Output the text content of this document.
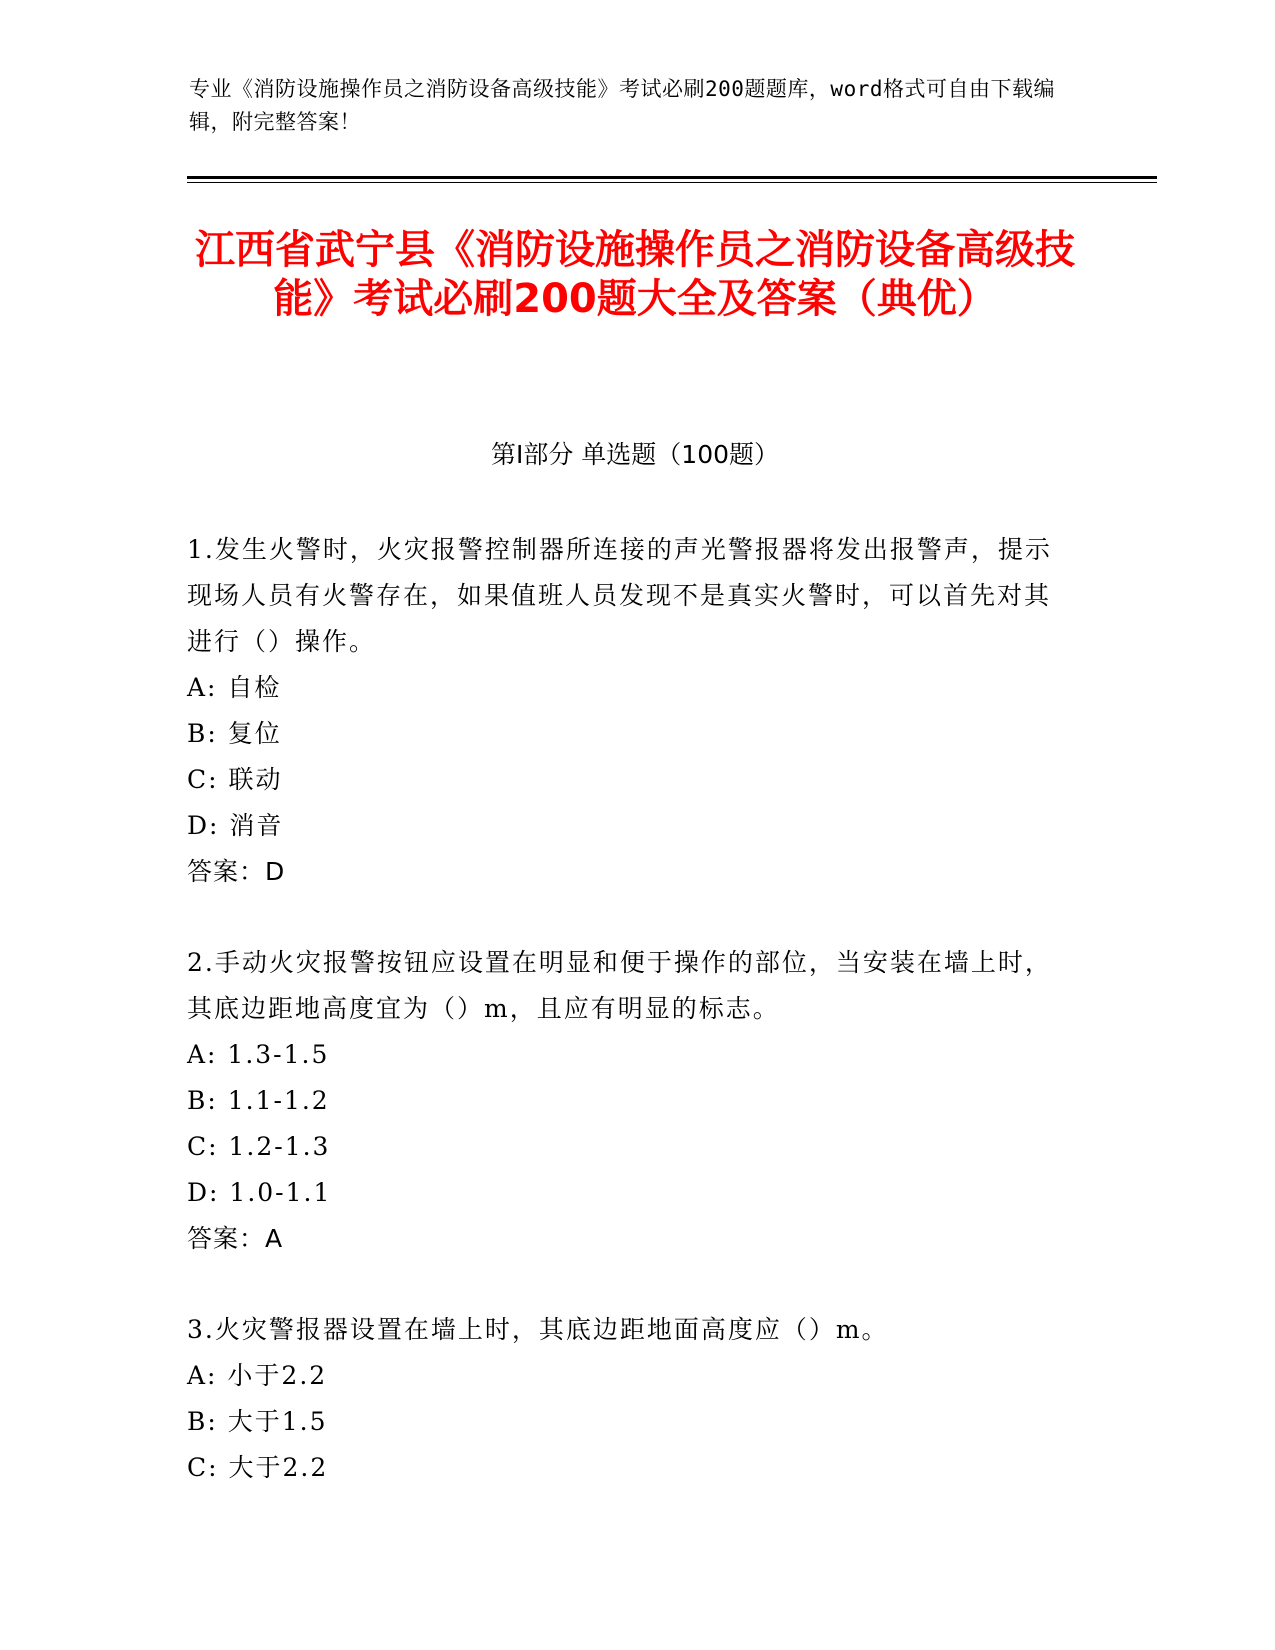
专业《消防设施操作员之消防设备高级技能》考试必刷200题题库，word格式可自由下载编辑，附完整答案！
江西省武宁县《消防设施操作员之消防设备高级技能》考试必刷200题大全及答案（典优）
第I部分 单选题（100题）
1.发生火警时，火灾报警控制器所连接的声光警报器将发出报警声，提示现场人员有火警存在，如果值班人员发现不是真实火警时，可以首先对其进行（）操作。
A: 自检
B: 复位
C: 联动
D: 消音
答案：D
2.手动火灾报警按钮应设置在明显和便于操作的部位，当安装在墙上时，其底边距地高度宜为（）m，且应有明显的标志。
A: 1.3-1.5
B: 1.1-1.2
C: 1.2-1.3
D: 1.0-1.1
答案：A
3.火灾警报器设置在墙上时，其底边距地面高度应（）m。
A: 小于2.2
B: 大于1.5
C: 大于2.2
